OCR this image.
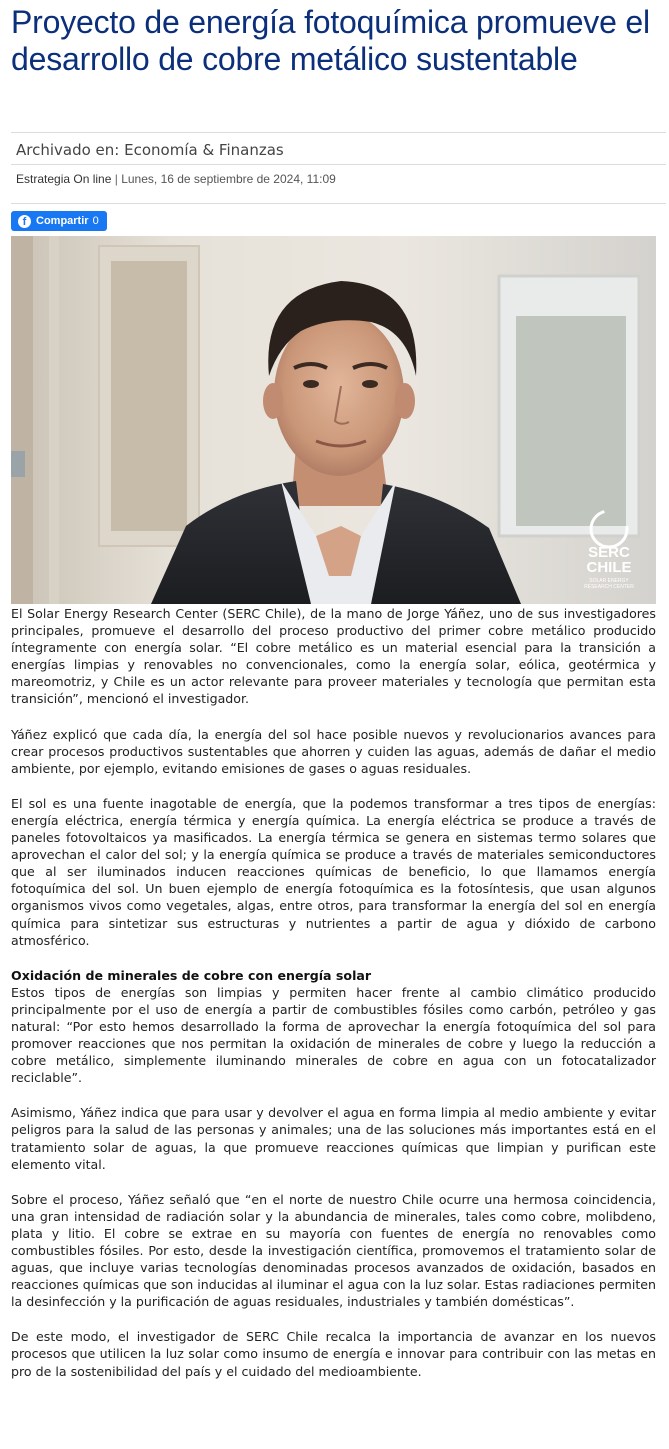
Proyecto de energía fotoquímica promueve el desarrollo de cobre metálico sustentable
Archivado en: Economía & Finanzas
Estrategia On line | Lunes, 16 de septiembre de 2024, 11:09
f Compartir 0
SERC
CHILE
SOLAR ENERGY
RESEARCH CENTER

El Solar Energy Research Center (SERC Chile), de la mano de Jorge Yáñez, uno de sus investigadores principales, promueve el desarrollo del proceso productivo del primer cobre metálico producido íntegramente con energía solar. “El cobre metálico es un material esencial para la transición a energías limpias y renovables no convencionales, como la energía solar, eólica, geotérmica y mareomotriz, y Chile es un actor relevante para proveer materiales y tecnología que permitan esta transición”, mencionó el investigador.

Yáñez explicó que cada día, la energía del sol hace posible nuevos y revolucionarios avances para crear procesos productivos sustentables que ahorren y cuiden las aguas, además de dañar el medio ambiente, por ejemplo, evitando emisiones de gases o aguas residuales.

El sol es una fuente inagotable de energía, que la podemos transformar a tres tipos de energías: energía eléctrica, energía térmica y energía química. La energía eléctrica se produce a través de paneles fotovoltaicos ya masificados. La energía térmica se genera en sistemas termo solares que aprovechan el calor del sol; y la energía química se produce a través de materiales semiconductores que al ser iluminados inducen reacciones químicas de beneficio, lo que llamamos energía fotoquímica del sol. Un buen ejemplo de energía fotoquímica es la fotosíntesis, que usan algunos organismos vivos como vegetales, algas, entre otros, para transformar la energía del sol en energía química para sintetizar sus estructuras y nutrientes a partir de agua y dióxido de carbono atmosférico.

Oxidación de minerales de cobre con energía solar

Estos tipos de energías son limpias y permiten hacer frente al cambio climático producido principalmente por el uso de energía a partir de combustibles fósiles como carbón, petróleo y gas natural: “Por esto hemos desarrollado la forma de aprovechar la energía fotoquímica del sol para promover reacciones que nos permitan la oxidación de minerales de cobre y luego la reducción a cobre metálico, simplemente iluminando minerales de cobre en agua con un fotocatalizador reciclable”.

Asimismo, Yáñez indica que para usar y devolver el agua en forma limpia al medio ambiente y evitar peligros para la salud de las personas y animales; una de las soluciones más importantes está en el tratamiento solar de aguas, la que promueve reacciones químicas que limpian y purifican este elemento vital.

Sobre el proceso, Yáñez señaló que “en el norte de nuestro Chile ocurre una hermosa coincidencia, una gran intensidad de radiación solar y la abundancia de minerales, tales como cobre, molibdeno, plata y litio. El cobre se extrae en su mayoría con fuentes de energía no renovables como combustibles fósiles. Por esto, desde la investigación científica, promovemos el tratamiento solar de aguas, que incluye varias tecnologías denominadas procesos avanzados de oxidación, basados en reacciones químicas que son inducidas al iluminar el agua con la luz solar. Estas radiaciones permiten la desinfección y la purificación de aguas residuales, industriales y también domésticas”.

De este modo, el investigador de SERC Chile recalca la importancia de avanzar en los nuevos procesos que utilicen la luz solar como insumo de energía e innovar para contribuir con las metas en pro de la sostenibilidad del país y el cuidado del medioambiente.
